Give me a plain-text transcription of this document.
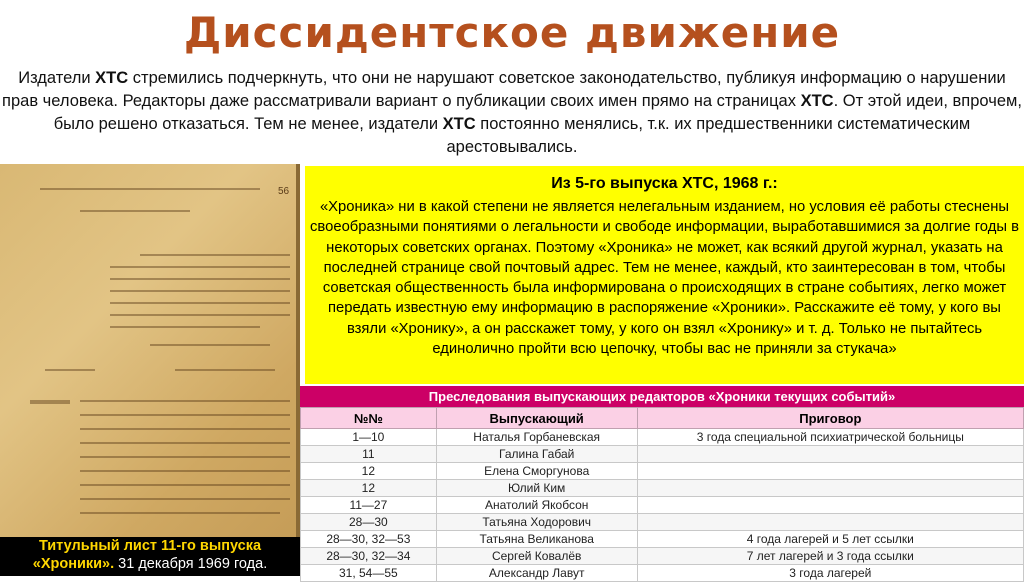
Диссидентское движение
Издатели ХТС стремились подчеркнуть, что они не нарушают советское законодательство, публикуя информацию о нарушении прав человека. Редакторы даже рассматривали вариант о публикации своих имен прямо на страницах ХТС. От этой идеи, впрочем, было решено отказаться. Тем не менее, издатели ХТС постоянно менялись, т.к. их предшественники систематическим арестовывались.
56
Титульный лист 11-го выпуска «Хроники». 31 декабря 1969 года.
Из 5-го выпуска ХТС, 1968 г.:
«Хроника» ни в какой степени не является нелегальным изданием, но условия её работы стеснены своеобразными понятиями о легальности и свободе информации, выработавшимися за долгие годы в некоторых советских органах. Поэтому «Хроника» не может, как всякий другой журнал, указать на последней странице свой почтовый адрес. Тем не менее, каждый, кто заинтересован в том, чтобы советская общественность была информирована о происходящих в стране событиях, легко может передать известную ему информацию в распоряжение «Хроники». Расскажите её тому, у кого вы взяли «Хронику», а он расскажет тому, у кого он взял «Хронику» и т. д. Только не пытайтесь единолично пройти всю цепочку, чтобы вас не приняли за стукача»
Преследования выпускающих редакторов «Хроники текущих событий»
№№	Выпускающий	Приговор
1—10	Наталья Горбаневская	3 года специальной психиатрической больницы
11	Галина Габай	
12	Елена Сморгунова	
12	Юлий Ким	
11—27	Анатолий Якобсон	
28—30	Татьяна Ходорович	
28—30, 32—53	Татьяна Великанова	4 года лагерей и 5 лет ссылки
28—30, 32—34	Сергей Ковалёв	7 лет лагерей и 3 года ссылки
31, 54—55	Александр Лавут	3 года лагерей
